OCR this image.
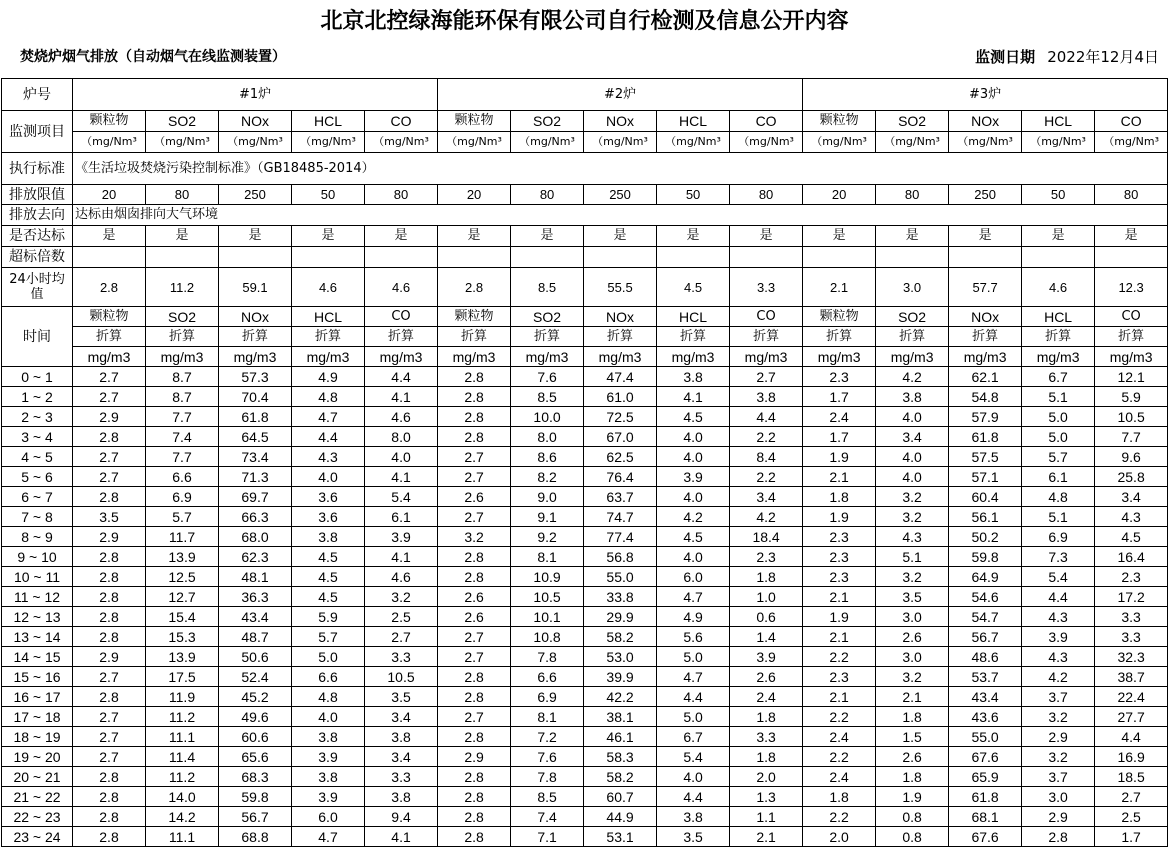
北京北控绿海能环保有限公司自行检测及信息公开内容
焚烧炉烟气排放（自动烟气在线监测装置）	监测日期 2022年12月4日
炉号	#1炉					#2炉					#3炉				
监测项目	颗粒物	SO2	NOx	HCL	CO	颗粒物	SO2	NOx	HCL	CO	颗粒物	SO2	NOx	HCL	CO
	（mg/Nm³	（mg/Nm³	（mg/Nm³	（mg/Nm³	（mg/Nm³	（mg/Nm³	（mg/Nm³	（mg/Nm³	（mg/Nm³	（mg/Nm³	（mg/Nm³	（mg/Nm³	（mg/Nm³	（mg/Nm³	（mg/Nm³
执行标准	《生活垃圾焚烧污染控制标准》（GB18485-2014）														
排放限值	20	80	250	50	80	20	80	250	50	80	20	80	250	50	80
排放去向	达标由烟囱排向大气环境														
是否达标	是	是	是	是	是	是	是	是	是	是	是	是	是	是	是
超标倍数															
24小时均值	2.8	11.2	59.1	4.6	4.6	2.8	8.5	55.5	4.5	3.3	2.1	3.0	57.7	4.6	12.3
时间	颗粒物	SO2	NOx	HCL	CO	颗粒物	SO2	NOx	HCL	CO	颗粒物	SO2	NOx	HCL	CO
	折算	折算	折算	折算	折算	折算	折算	折算	折算	折算	折算	折算	折算	折算	折算
	mg/m3	mg/m3	mg/m3	mg/m3	mg/m3	mg/m3	mg/m3	mg/m3	mg/m3	mg/m3	mg/m3	mg/m3	mg/m3	mg/m3	mg/m3
0 ~ 1	2.7	8.7	57.3	4.9	4.4	2.8	7.6	47.4	3.8	2.7	2.3	4.2	62.1	6.7	12.1
1 ~ 2	2.7	8.7	70.4	4.8	4.1	2.8	8.5	61.0	4.1	3.8	1.7	3.8	54.8	5.1	5.9
2 ~ 3	2.9	7.7	61.8	4.7	4.6	2.8	10.0	72.5	4.5	4.4	2.4	4.0	57.9	5.0	10.5
3 ~ 4	2.8	7.4	64.5	4.4	8.0	2.8	8.0	67.0	4.0	2.2	1.7	3.4	61.8	5.0	7.7
4 ~ 5	2.7	7.7	73.4	4.3	4.0	2.7	8.6	62.5	4.0	8.4	1.9	4.0	57.5	5.7	9.6
5 ~ 6	2.7	6.6	71.3	4.0	4.1	2.7	8.2	76.4	3.9	2.2	2.1	4.0	57.1	6.1	25.8
6 ~ 7	2.8	6.9	69.7	3.6	5.4	2.6	9.0	63.7	4.0	3.4	1.8	3.2	60.4	4.8	3.4
7 ~ 8	3.5	5.7	66.3	3.6	6.1	2.7	9.1	74.7	4.2	4.2	1.9	3.2	56.1	5.1	4.3
8 ~ 9	2.9	11.7	68.0	3.8	3.9	3.2	9.2	77.4	4.5	18.4	2.3	4.3	50.2	6.9	4.5
9 ~ 10	2.8	13.9	62.3	4.5	4.1	2.8	8.1	56.8	4.0	2.3	2.3	5.1	59.8	7.3	16.4
10 ~ 11	2.8	12.5	48.1	4.5	4.6	2.8	10.9	55.0	6.0	1.8	2.3	3.2	64.9	5.4	2.3
11 ~ 12	2.8	12.7	36.3	4.5	3.2	2.6	10.5	33.8	4.7	1.0	2.1	3.5	54.6	4.4	17.2
12 ~ 13	2.8	15.4	43.4	5.9	2.5	2.6	10.1	29.9	4.9	0.6	1.9	3.0	54.7	4.3	3.3
13 ~ 14	2.8	15.3	48.7	5.7	2.7	2.7	10.8	58.2	5.6	1.4	2.1	2.6	56.7	3.9	3.3
14 ~ 15	2.9	13.9	50.6	5.0	3.3	2.7	7.8	53.0	5.0	3.9	2.2	3.0	48.6	4.3	32.3
15 ~ 16	2.7	17.5	52.4	6.6	10.5	2.8	6.6	39.9	4.7	2.6	2.3	3.2	53.7	4.2	38.7
16 ~ 17	2.8	11.9	45.2	4.8	3.5	2.8	6.9	42.2	4.4	2.4	2.1	2.1	43.4	3.7	22.4
17 ~ 18	2.7	11.2	49.6	4.0	3.4	2.7	8.1	38.1	5.0	1.8	2.2	1.8	43.6	3.2	27.7
18 ~ 19	2.7	11.1	60.6	3.8	3.8	2.8	7.2	46.1	6.7	3.3	2.4	1.5	55.0	2.9	4.4
19 ~ 20	2.7	11.4	65.6	3.9	3.4	2.9	7.6	58.3	5.4	1.8	2.2	2.6	67.6	3.2	16.9
20 ~ 21	2.8	11.2	68.3	3.8	3.3	2.8	7.8	58.2	4.0	2.0	2.4	1.8	65.9	3.7	18.5
21 ~ 22	2.8	14.0	59.8	3.9	3.8	2.8	8.5	60.7	4.4	1.3	1.8	1.9	61.8	3.0	2.7
22 ~ 23	2.8	14.2	56.7	6.0	9.4	2.8	7.4	44.9	3.8	1.1	2.2	0.8	68.1	2.9	2.5
23 ~ 24	2.8	11.1	68.8	4.7	4.1	2.8	7.1	53.1	3.5	2.1	2.0	0.8	67.6	2.8	1.7
